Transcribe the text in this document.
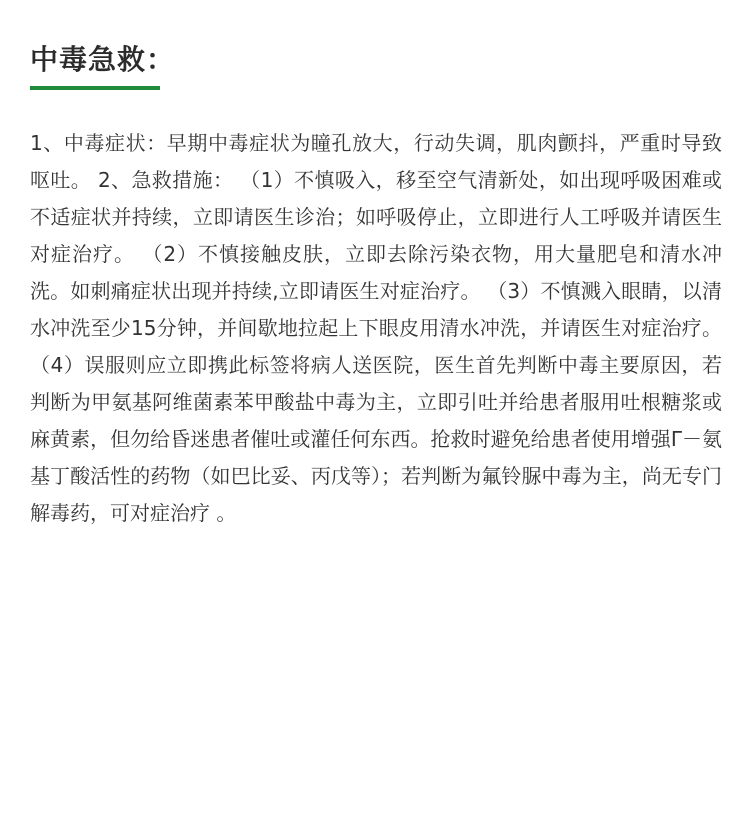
中毒急救：
1、中毒症状：早期中毒症状为瞳孔放大，行动失调，肌肉颤抖，严重时导致呕吐。 2、急救措施： （1）不慎吸入，移至空气清新处，如出现呼吸困难或不适症状并持续，立即请医生诊治；如呼吸停止，立即进行人工呼吸并请医生对症治疗。 （2）不慎接触皮肤，立即去除污染衣物，用大量肥皂和清水冲洗。如刺痛症状出现并持续,立即请医生对症治疗。 （3）不慎溅入眼睛，以清水冲洗至少15分钟，并间歇地拉起上下眼皮用清水冲洗，并请医生对症治疗。 （4）误服则应立即携此标签将病人送医院，医生首先判断中毒主要原因，若判断为甲氨基阿维菌素苯甲酸盐中毒为主，立即引吐并给患者服用吐根糖浆或麻黄素，但勿给昏迷患者催吐或灌任何东西。抢救时避免给患者使用增强Γ－氨基丁酸活性的药物（如巴比妥、丙戊等）；若判断为氟铃脲中毒为主，尚无专门解毒药，可对症治疗 。
